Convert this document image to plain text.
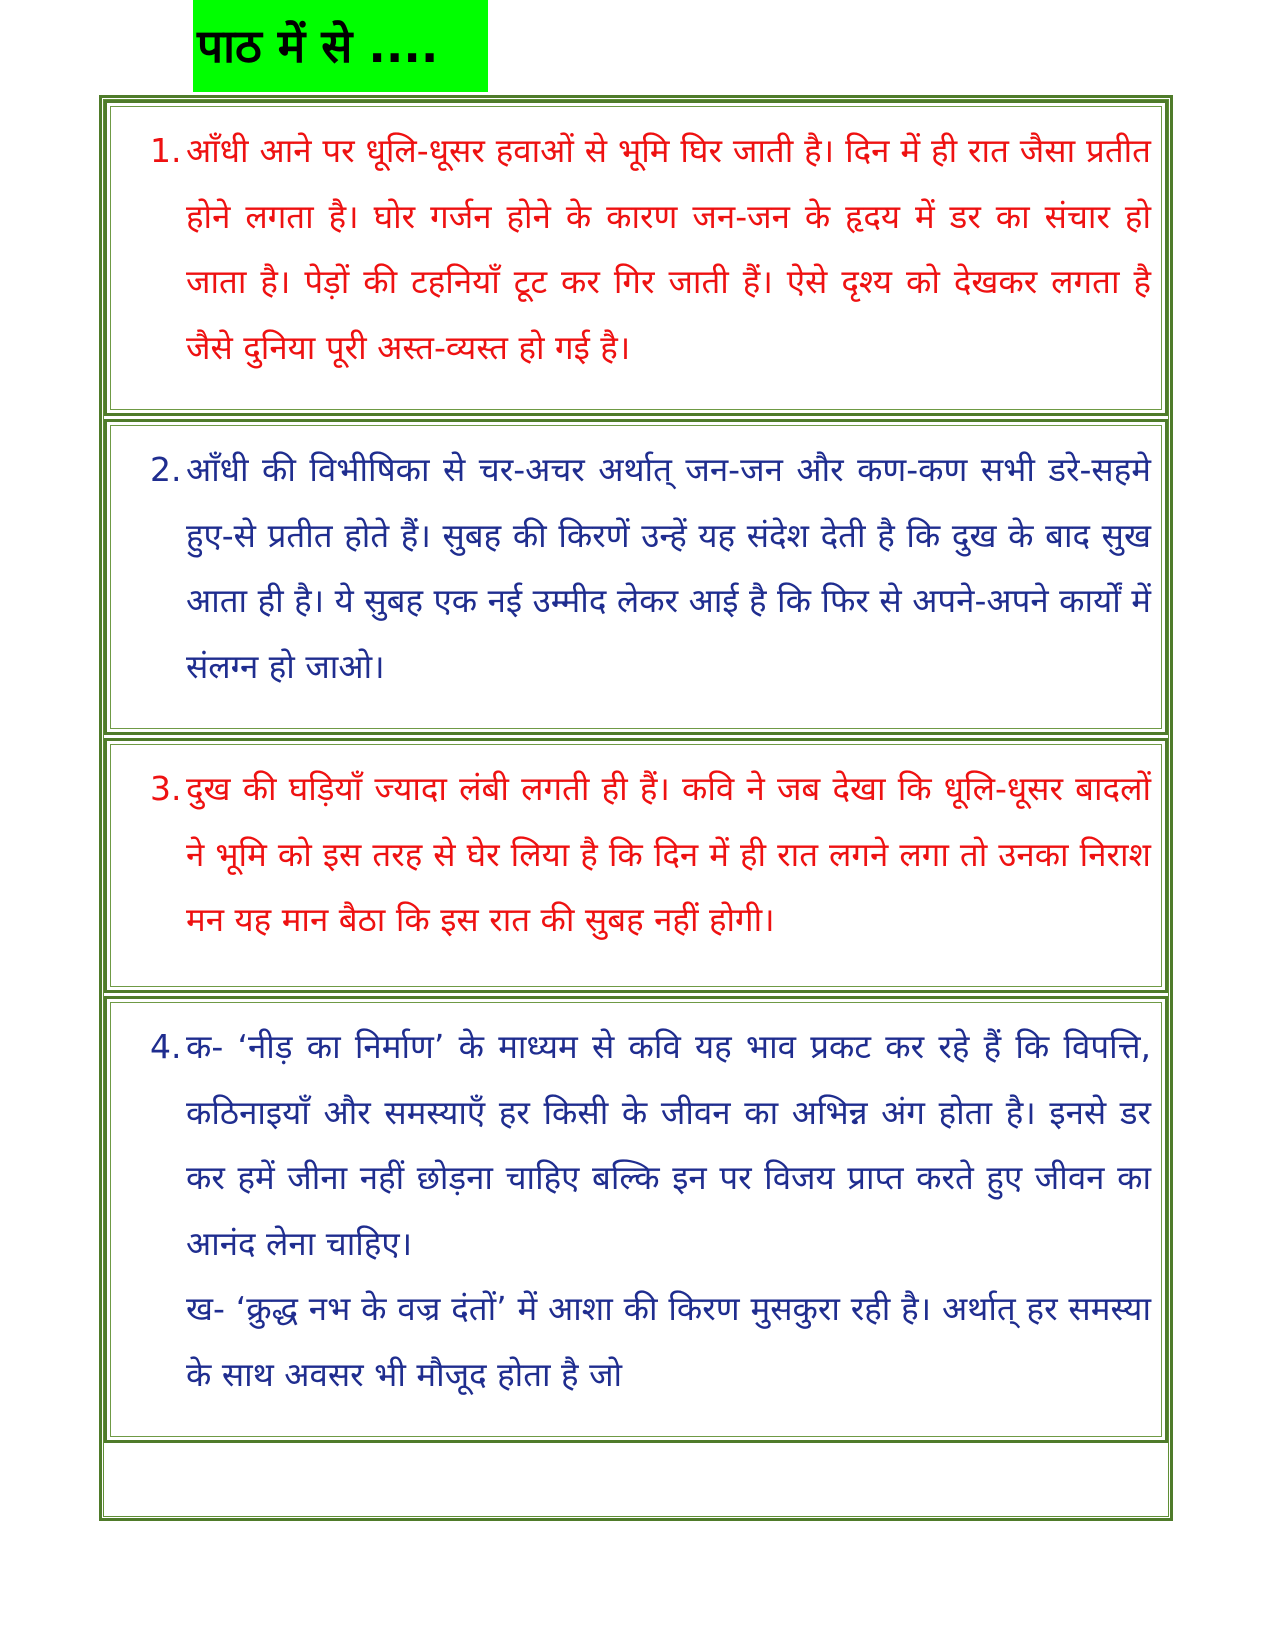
पाठ में से ....
1. आँधी आने पर धूलि-धूसर हवाओं से भूमि घिर जाती है। दिन में ही रात जैसा प्रतीत होने लगता है। घोर गर्जन होने के कारण जन-जन के हृदय में डर का संचार हो जाता है। पेड़ों की टहनियाँ टूट कर गिर जाती हैं। ऐसे दृश्य को देखकर लगता है जैसे दुनिया पूरी अस्त-व्यस्त हो गई है।
2. आँधी की विभीषिका से चर-अचर अर्थात् जन-जन और कण-कण सभी डरे-सहमे हुए-से प्रतीत होते हैं। सुबह की किरणें उन्हें यह संदेश देती है कि दुख के बाद सुख आता ही है। ये सुबह एक नई उम्मीद लेकर आई है कि फिर से अपने-अपने कार्यों में संलग्न हो जाओ।
3. दुख की घड़ियाँ ज्यादा लंबी लगती ही हैं। कवि ने जब देखा कि धूलि-धूसर बादलों ने भूमि को इस तरह से घेर लिया है कि दिन में ही रात लगने लगा तो उनका निराश मन यह मान बैठा कि इस रात की सुबह नहीं होगी।
4. क- ‘नीड़ का निर्माण’ के माध्यम से कवि यह भाव प्रकट कर रहे हैं कि विपत्ति, कठिनाइयाँ और समस्याएँ हर किसी के जीवन का अभिन्न अंग होता है। इनसे डर कर हमें जीना नहीं छोड़ना चाहिए बल्कि इन पर विजय प्राप्त करते हुए जीवन का आनंद लेना चाहिए।
ख- ‘क्रुद्ध नभ के वज्र दंतों’ में आशा की किरण मुसकुरा रही है। अर्थात् हर समस्या के साथ अवसर भी मौजूद होता है जो
